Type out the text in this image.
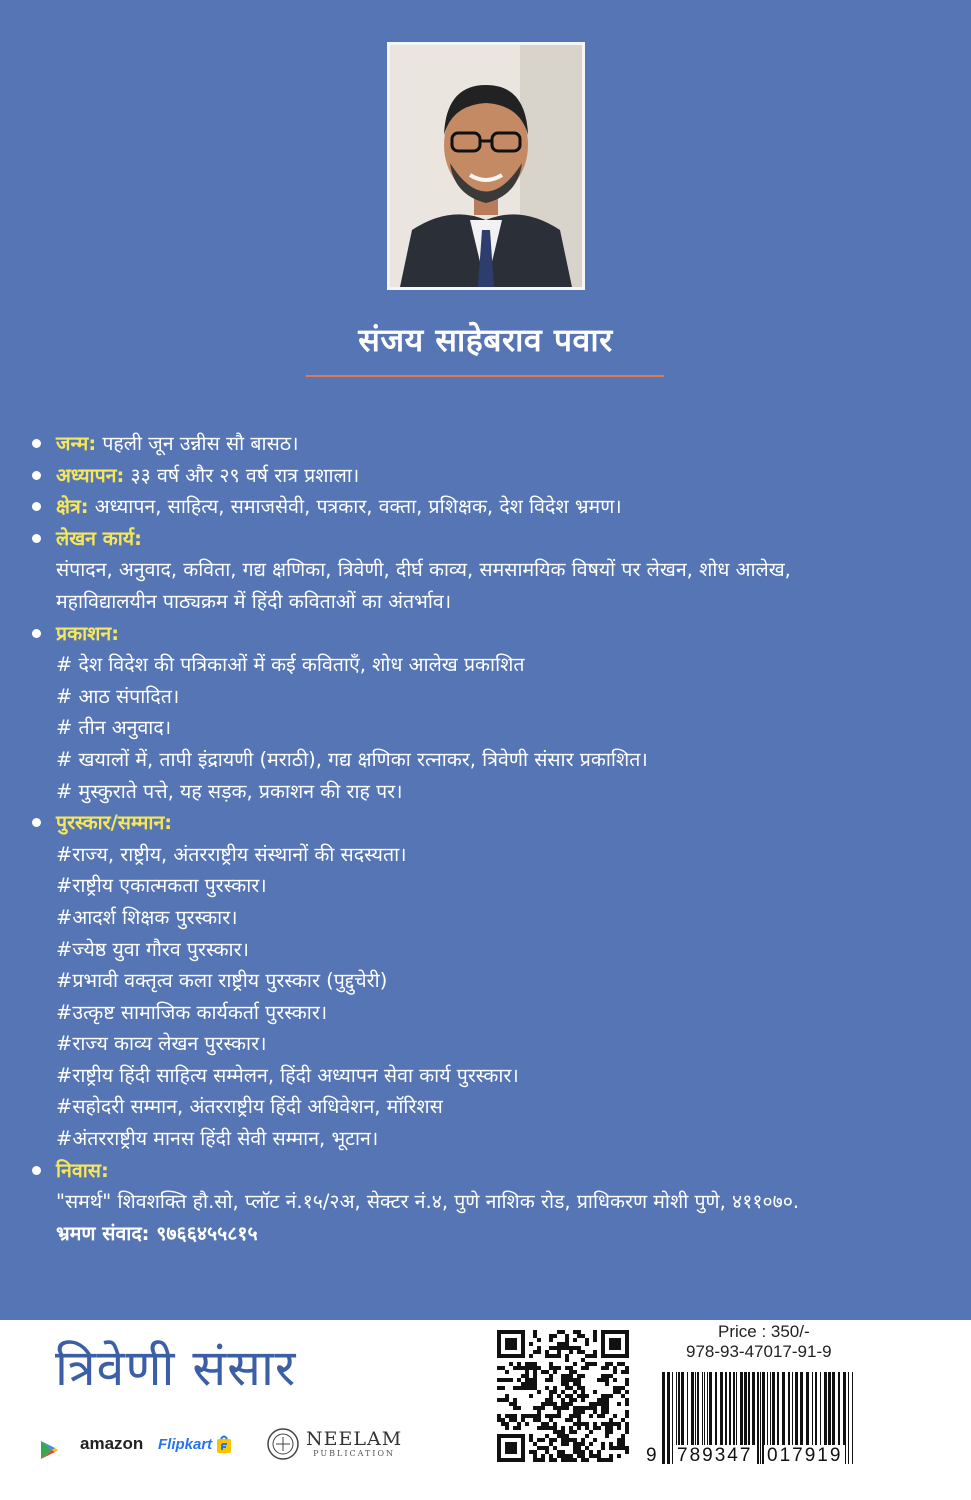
संजय साहेबराव पवार
जन्म: पहली जून उन्नीस सौ बासठ।
अध्यापन: ३३ वर्ष और २९ वर्ष रात्र प्रशाला।
क्षेत्र: अध्यापन, साहित्य, समाजसेवी, पत्रकार, वक्ता, प्रशिक्षक, देश विदेश भ्रमण।
लेखन कार्य:
संपादन, अनुवाद, कविता, गद्य क्षणिका, त्रिवेणी, दीर्घ काव्य, समसामयिक विषयों पर लेखन, शोध आलेख,
महाविद्यालयीन पाठ्यक्रम में हिंदी कविताओं का अंतर्भाव।
प्रकाशन:
# देश विदेश की पत्रिकाओं में कई कविताएँ, शोध आलेख प्रकाशित
# आठ संपादित।
# तीन अनुवाद।
# खयालों में, तापी इंद्रायणी (मराठी), गद्य क्षणिका रत्नाकर, त्रिवेणी संसार प्रकाशित।
# मुस्कुराते पत्ते, यह सड़क, प्रकाशन की राह पर।
पुरस्कार/सम्मान:
#राज्य, राष्ट्रीय, अंतरराष्ट्रीय संस्थानों की सदस्यता।
#राष्ट्रीय एकात्मकता पुरस्कार।
#आदर्श शिक्षक पुरस्कार।
#ज्येष्ठ युवा गौरव पुरस्कार।
#प्रभावी वक्तृत्व कला राष्ट्रीय पुरस्कार (पुद्दुचेरी)
#उत्कृष्ट सामाजिक कार्यकर्ता पुरस्कार।
#राज्य काव्य लेखन पुरस्कार।
#राष्ट्रीय हिंदी साहित्य सम्मेलन, हिंदी अध्यापन सेवा कार्य पुरस्कार।
#सहोदरी सम्मान, अंतरराष्ट्रीय हिंदी अधिवेशन, मॉरिशस
#अंतरराष्ट्रीय मानस हिंदी सेवी सम्मान, भूटान।
निवास:
"समर्थ" शिवशक्ति हौ.सो, प्लॉट नं.१५/२अ, सेक्टर नं.४, पुणे नाशिक रोड, प्राधिकरण मोशी पुणे, ४११०७०.
भ्रमण संवाद: ९७६६४५५८१५
त्रिवेणी संसार
amazon Flipkart	NEELAM
PUBLICATION
Price : 350/-
978-93-47017-91-9
9 789347 017919
